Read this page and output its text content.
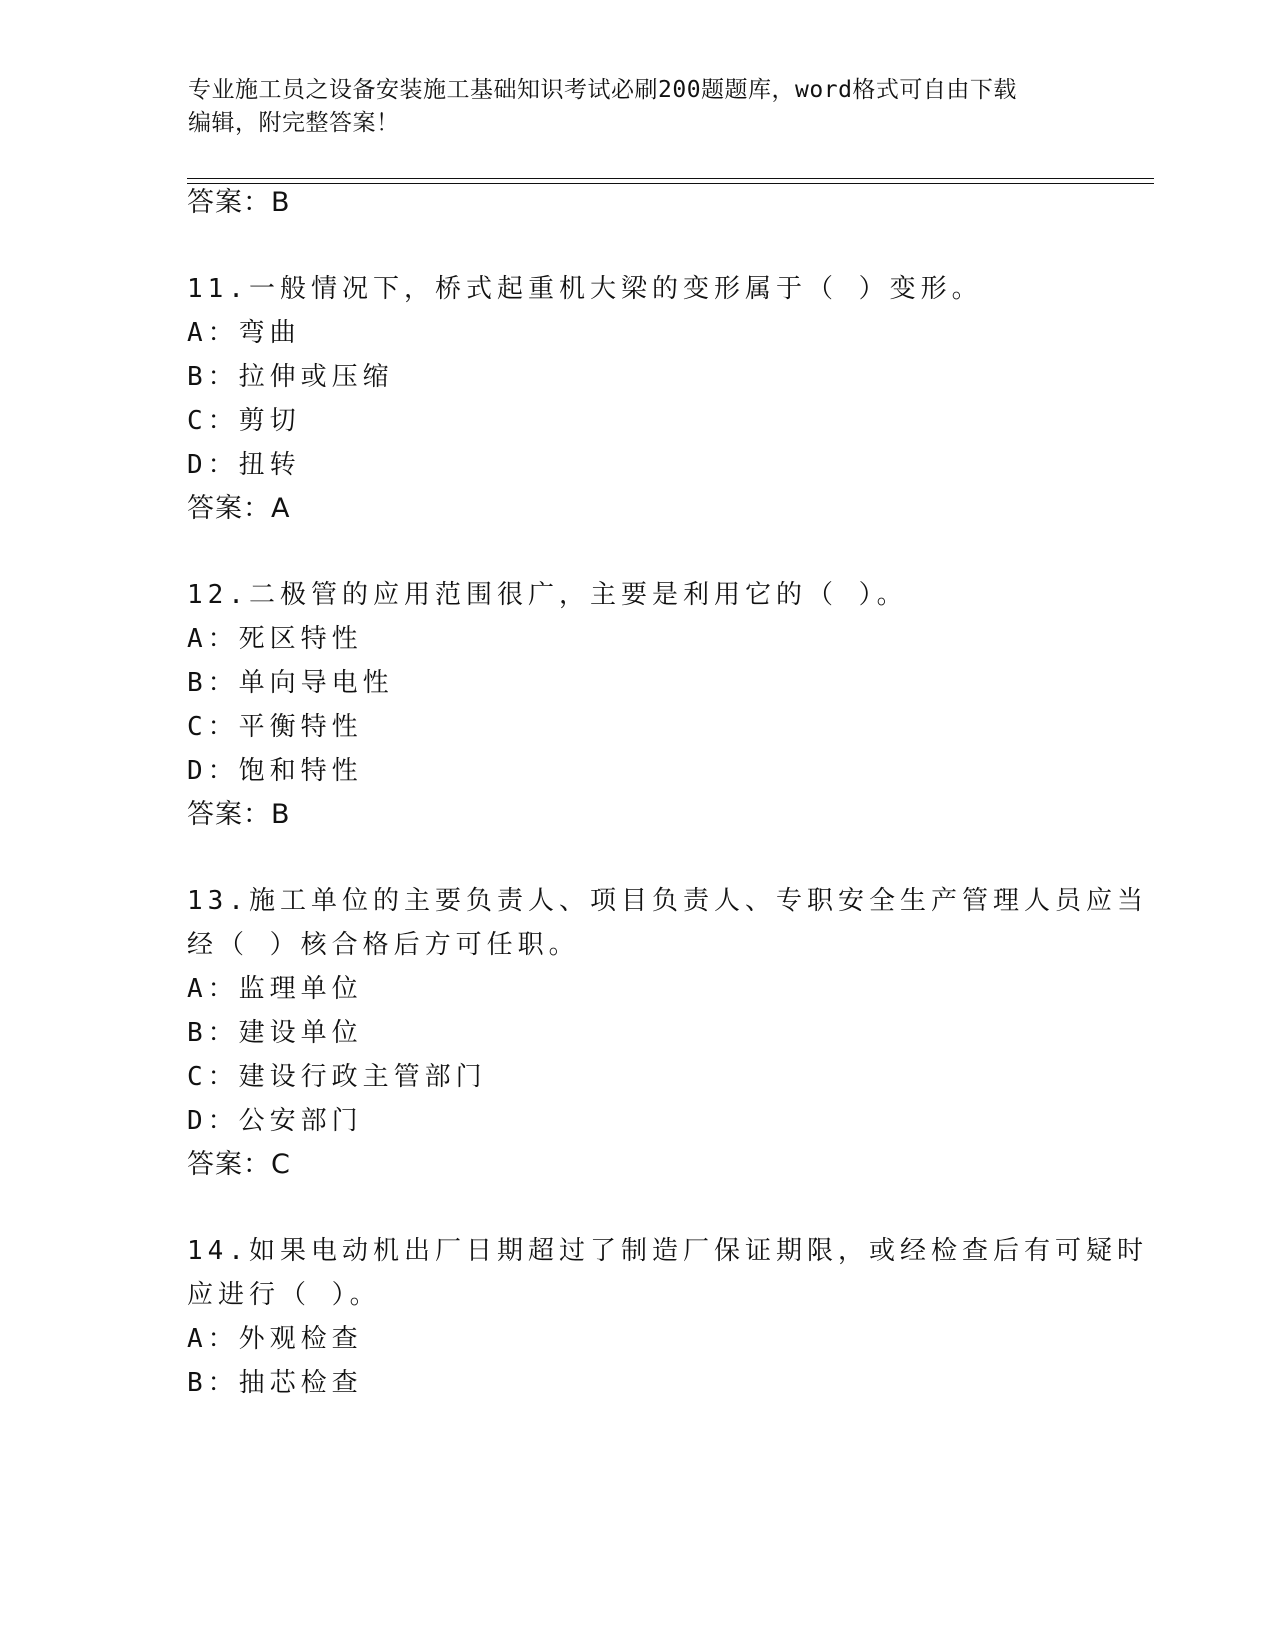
专业施工员之设备安装施工基础知识考试必刷200题题库，word格式可自由下载
编辑，附完整答案！
答案：B
11.一般情况下，桥式起重机大梁的变形属于（ ）变形。
A：弯曲
B：拉伸或压缩
C：剪切
D：扭转
答案：A
12.二极管的应用范围很广，主要是利用它的（ ）。
A：死区特性
B：单向导电性
C：平衡特性
D：饱和特性
答案：B
13.施工单位的主要负责人、项目负责人、专职安全生产管理人员应当
经（ ）核合格后方可任职。
A：监理单位
B：建设单位
C：建设行政主管部门
D：公安部门
答案：C
14.如果电动机出厂日期超过了制造厂保证期限，或经检查后有可疑时
应进行（ ）。
A：外观检查
B：抽芯检查
